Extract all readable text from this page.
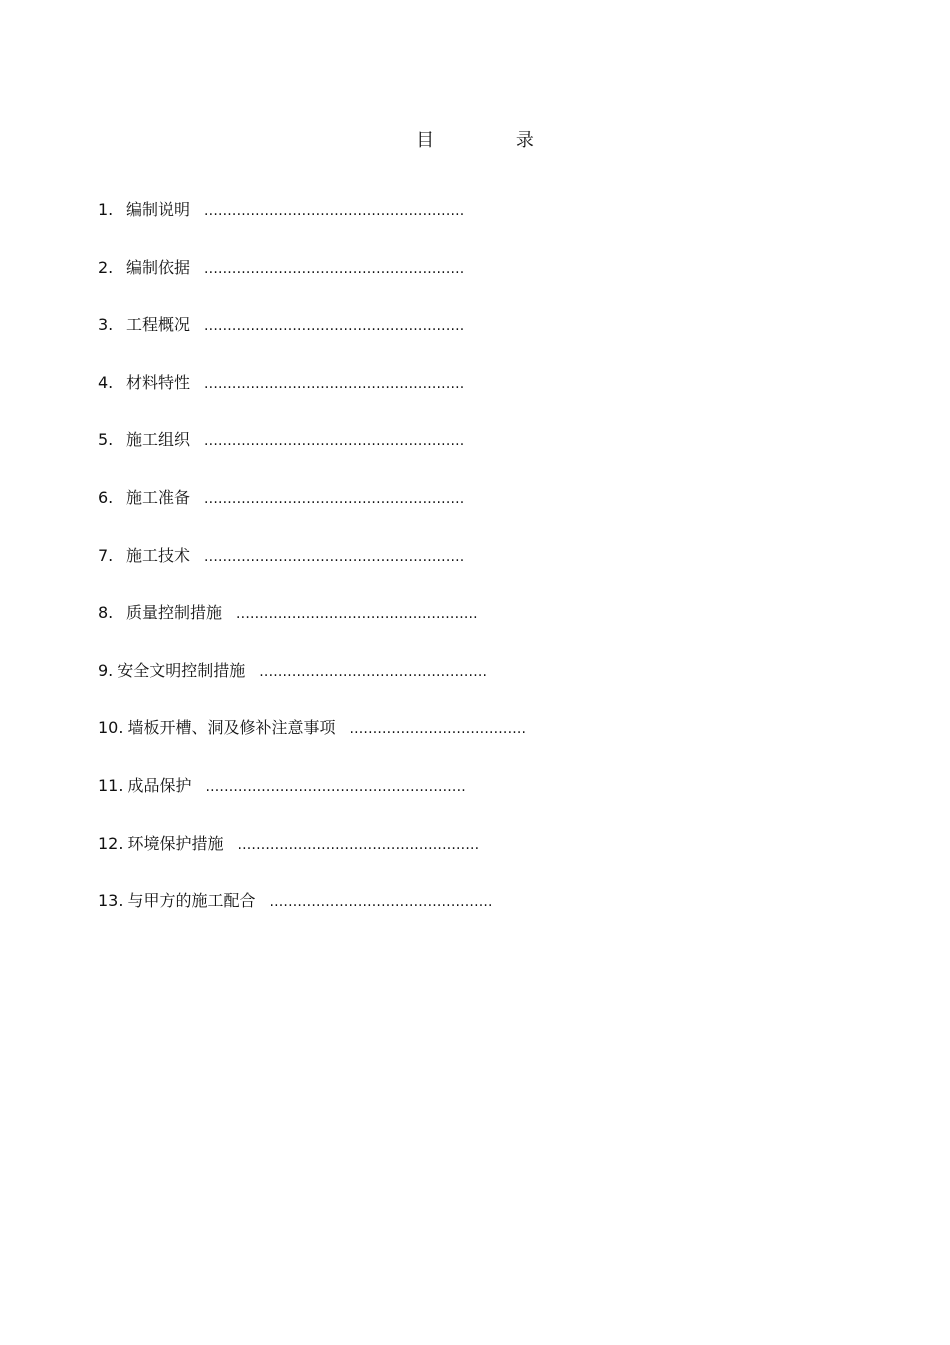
目 录
1. 编制说明 ........................................................
2. 编制依据 ........................................................
3. 工程概况 ........................................................
4. 材料特性 ........................................................
5. 施工组织 ........................................................
6. 施工准备 ........................................................
7. 施工技术 ........................................................
8. 质量控制措施 ....................................................
9. 安全文明控制措施 .................................................
10. 墙板开槽、洞及修补注意事项 ......................................
11. 成品保护 ........................................................
12. 环境保护措施 ....................................................
13. 与甲方的施工配合 ................................................
